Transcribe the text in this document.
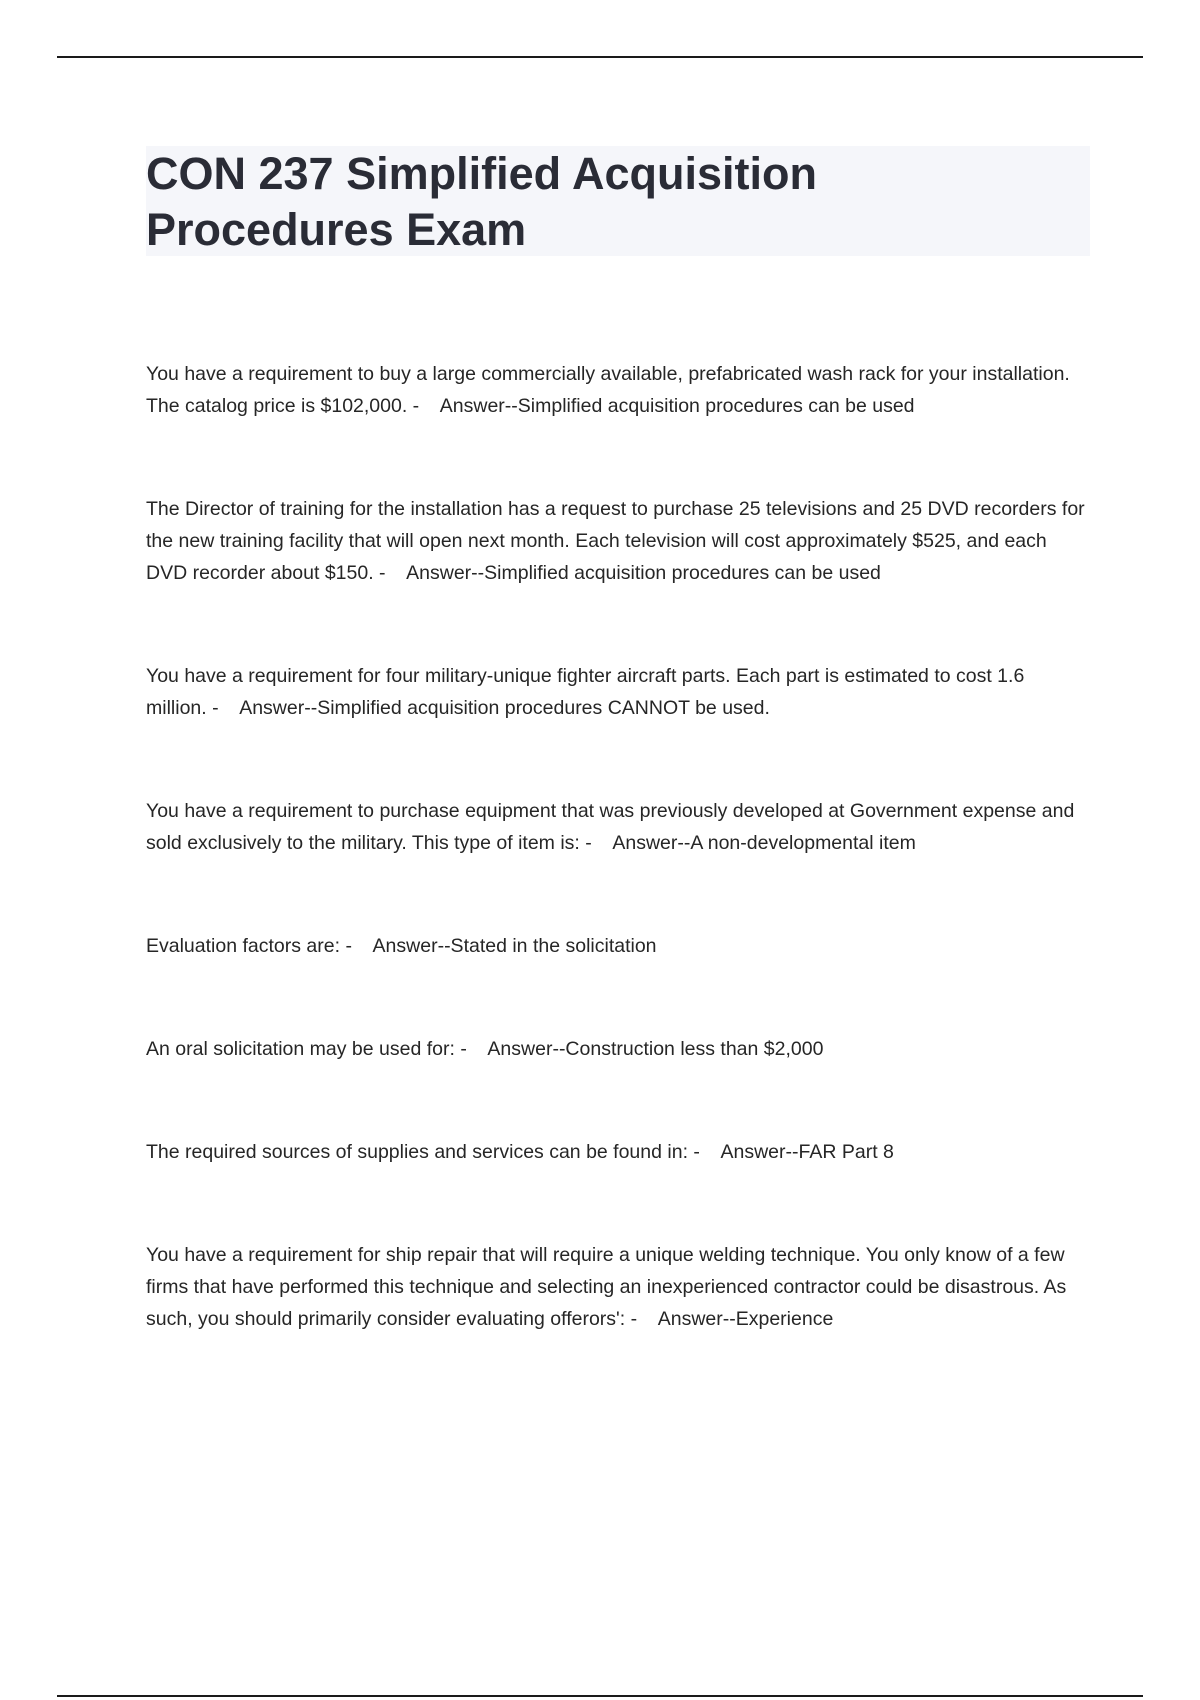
CON 237 Simplified Acquisition Procedures Exam
You have a requirement to buy a large commercially available, prefabricated wash rack for your installation. The catalog price is $102,000. -    Answer--Simplified acquisition procedures can be used
The Director of training for the installation has a request to purchase 25 televisions and 25 DVD recorders for the new training facility that will open next month. Each television will cost approximately $525, and each DVD recorder about $150. -    Answer--Simplified acquisition procedures can be used
You have a requirement for four military-unique fighter aircraft parts. Each part is estimated to cost 1.6 million. -    Answer--Simplified acquisition procedures CANNOT be used.
You have a requirement to purchase equipment that was previously developed at Government expense and sold exclusively to the military. This type of item is: -    Answer--A non-developmental item
Evaluation factors are: -    Answer--Stated in the solicitation
An oral solicitation may be used for: -    Answer--Construction less than $2,000
The required sources of supplies and services can be found in: -    Answer--FAR Part 8
You have a requirement for ship repair that will require a unique welding technique. You only know of a few firms that have performed this technique and selecting an inexperienced contractor could be disastrous. As such, you should primarily consider evaluating offerors': -    Answer--Experience
